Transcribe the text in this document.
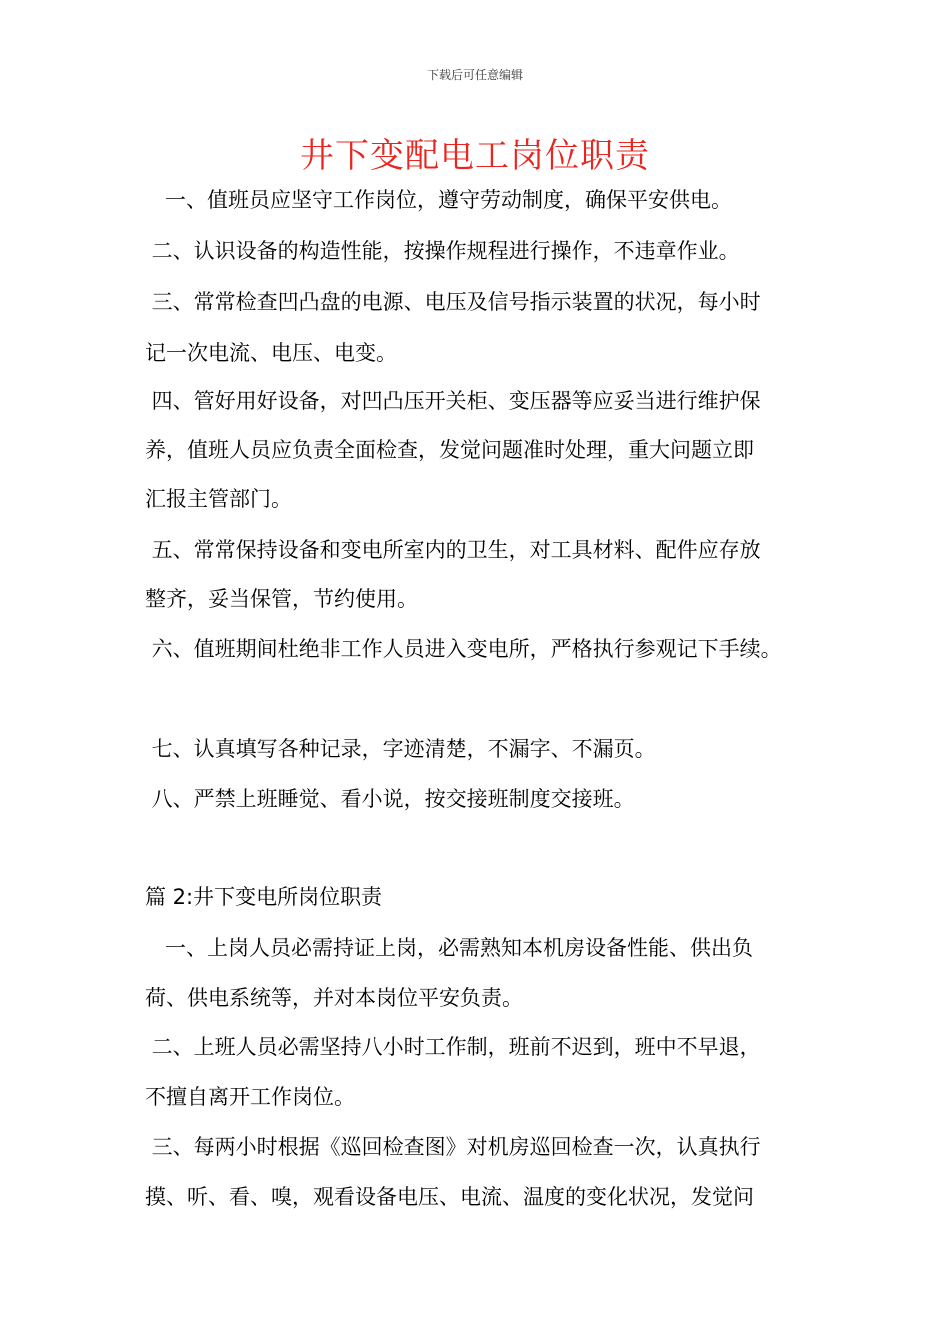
下载后可任意编辑
井下变配电工岗位职责
一、值班员应坚守工作岗位，遵守劳动制度，确保平安供电。
二、认识设备的构造性能，按操作规程进行操作，不违章作业。
三、常常检查凹凸盘的电源、电压及信号指示装置的状况，每小时
记一次电流、电压、电变。
四、管好用好设备，对凹凸压开关柜、变压器等应妥当进行维护保
养，值班人员应负责全面检查，发觉问题准时处理，重大问题立即
汇报主管部门。
五、常常保持设备和变电所室内的卫生，对工具材料、配件应存放
整齐，妥当保管，节约使用。
六、值班期间杜绝非工作人员进入变电所，严格执行参观记下手续。
七、认真填写各种记录，字迹清楚，不漏字、不漏页。
八、严禁上班睡觉、看小说，按交接班制度交接班。
篇 2:井下变电所岗位职责
一、上岗人员必需持证上岗，必需熟知本机房设备性能、供出负
荷、供电系统等，并对本岗位平安负责。
二、上班人员必需坚持八小时工作制，班前不迟到，班中不早退，
不擅自离开工作岗位。
三、每两小时根据《巡回检查图》对机房巡回检查一次，认真执行
摸、听、看、嗅，观看设备电压、电流、温度的变化状况，发觉问
